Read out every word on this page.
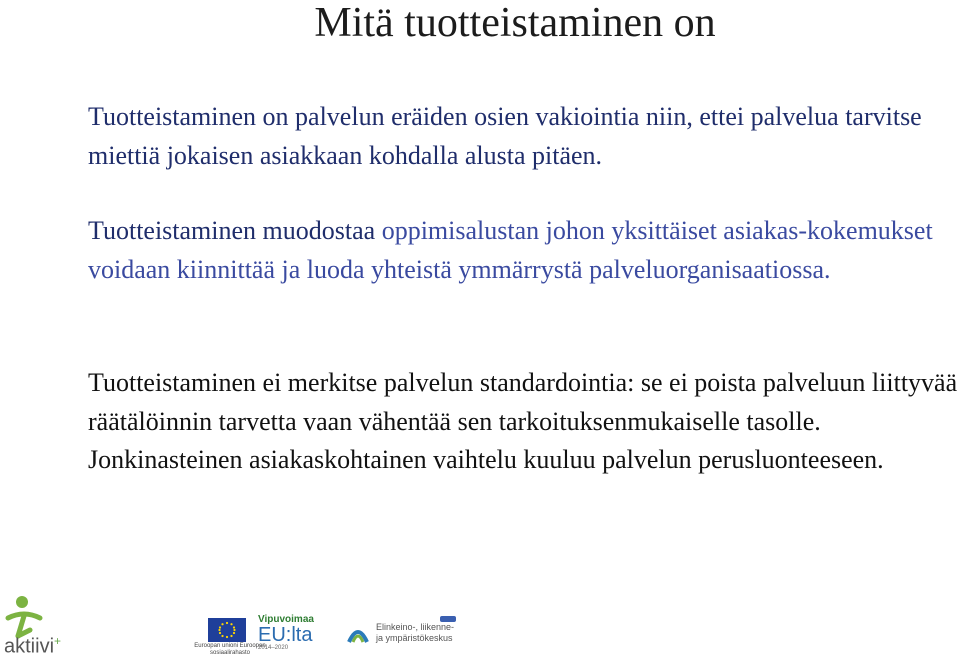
Mitä tuotteistaminen on

Tuotteistaminen on palvelun eräiden osien vakiointia niin, ettei palvelua tarvitse miettiä jokaisen asiakkaan kohdalla alusta pitäen.

Tuotteistaminen muodostaa oppimisalustan johon yksittäiset asiakas-kokemukset voidaan kiinnittää ja luoda yhteistä ymmärrystä palveluorganisaatiossa.

Tuotteistaminen ei merkitse palvelun standardointia: se ei poista palveluun liittyvää räätälöinnin tarvetta vaan vähentää sen tarkoituksenmukaiselle tasolle. Jonkinasteinen asiakaskohtainen vaihtelu kuuluu palvelun perusluonteeseen.

aktiivi+	Euroopan unioni Euroopan sosiaalirahasto
Vipuvoimaa
EU:lta
2014–2020
Elinkeino-, liikenne- ja ympäristökeskus
